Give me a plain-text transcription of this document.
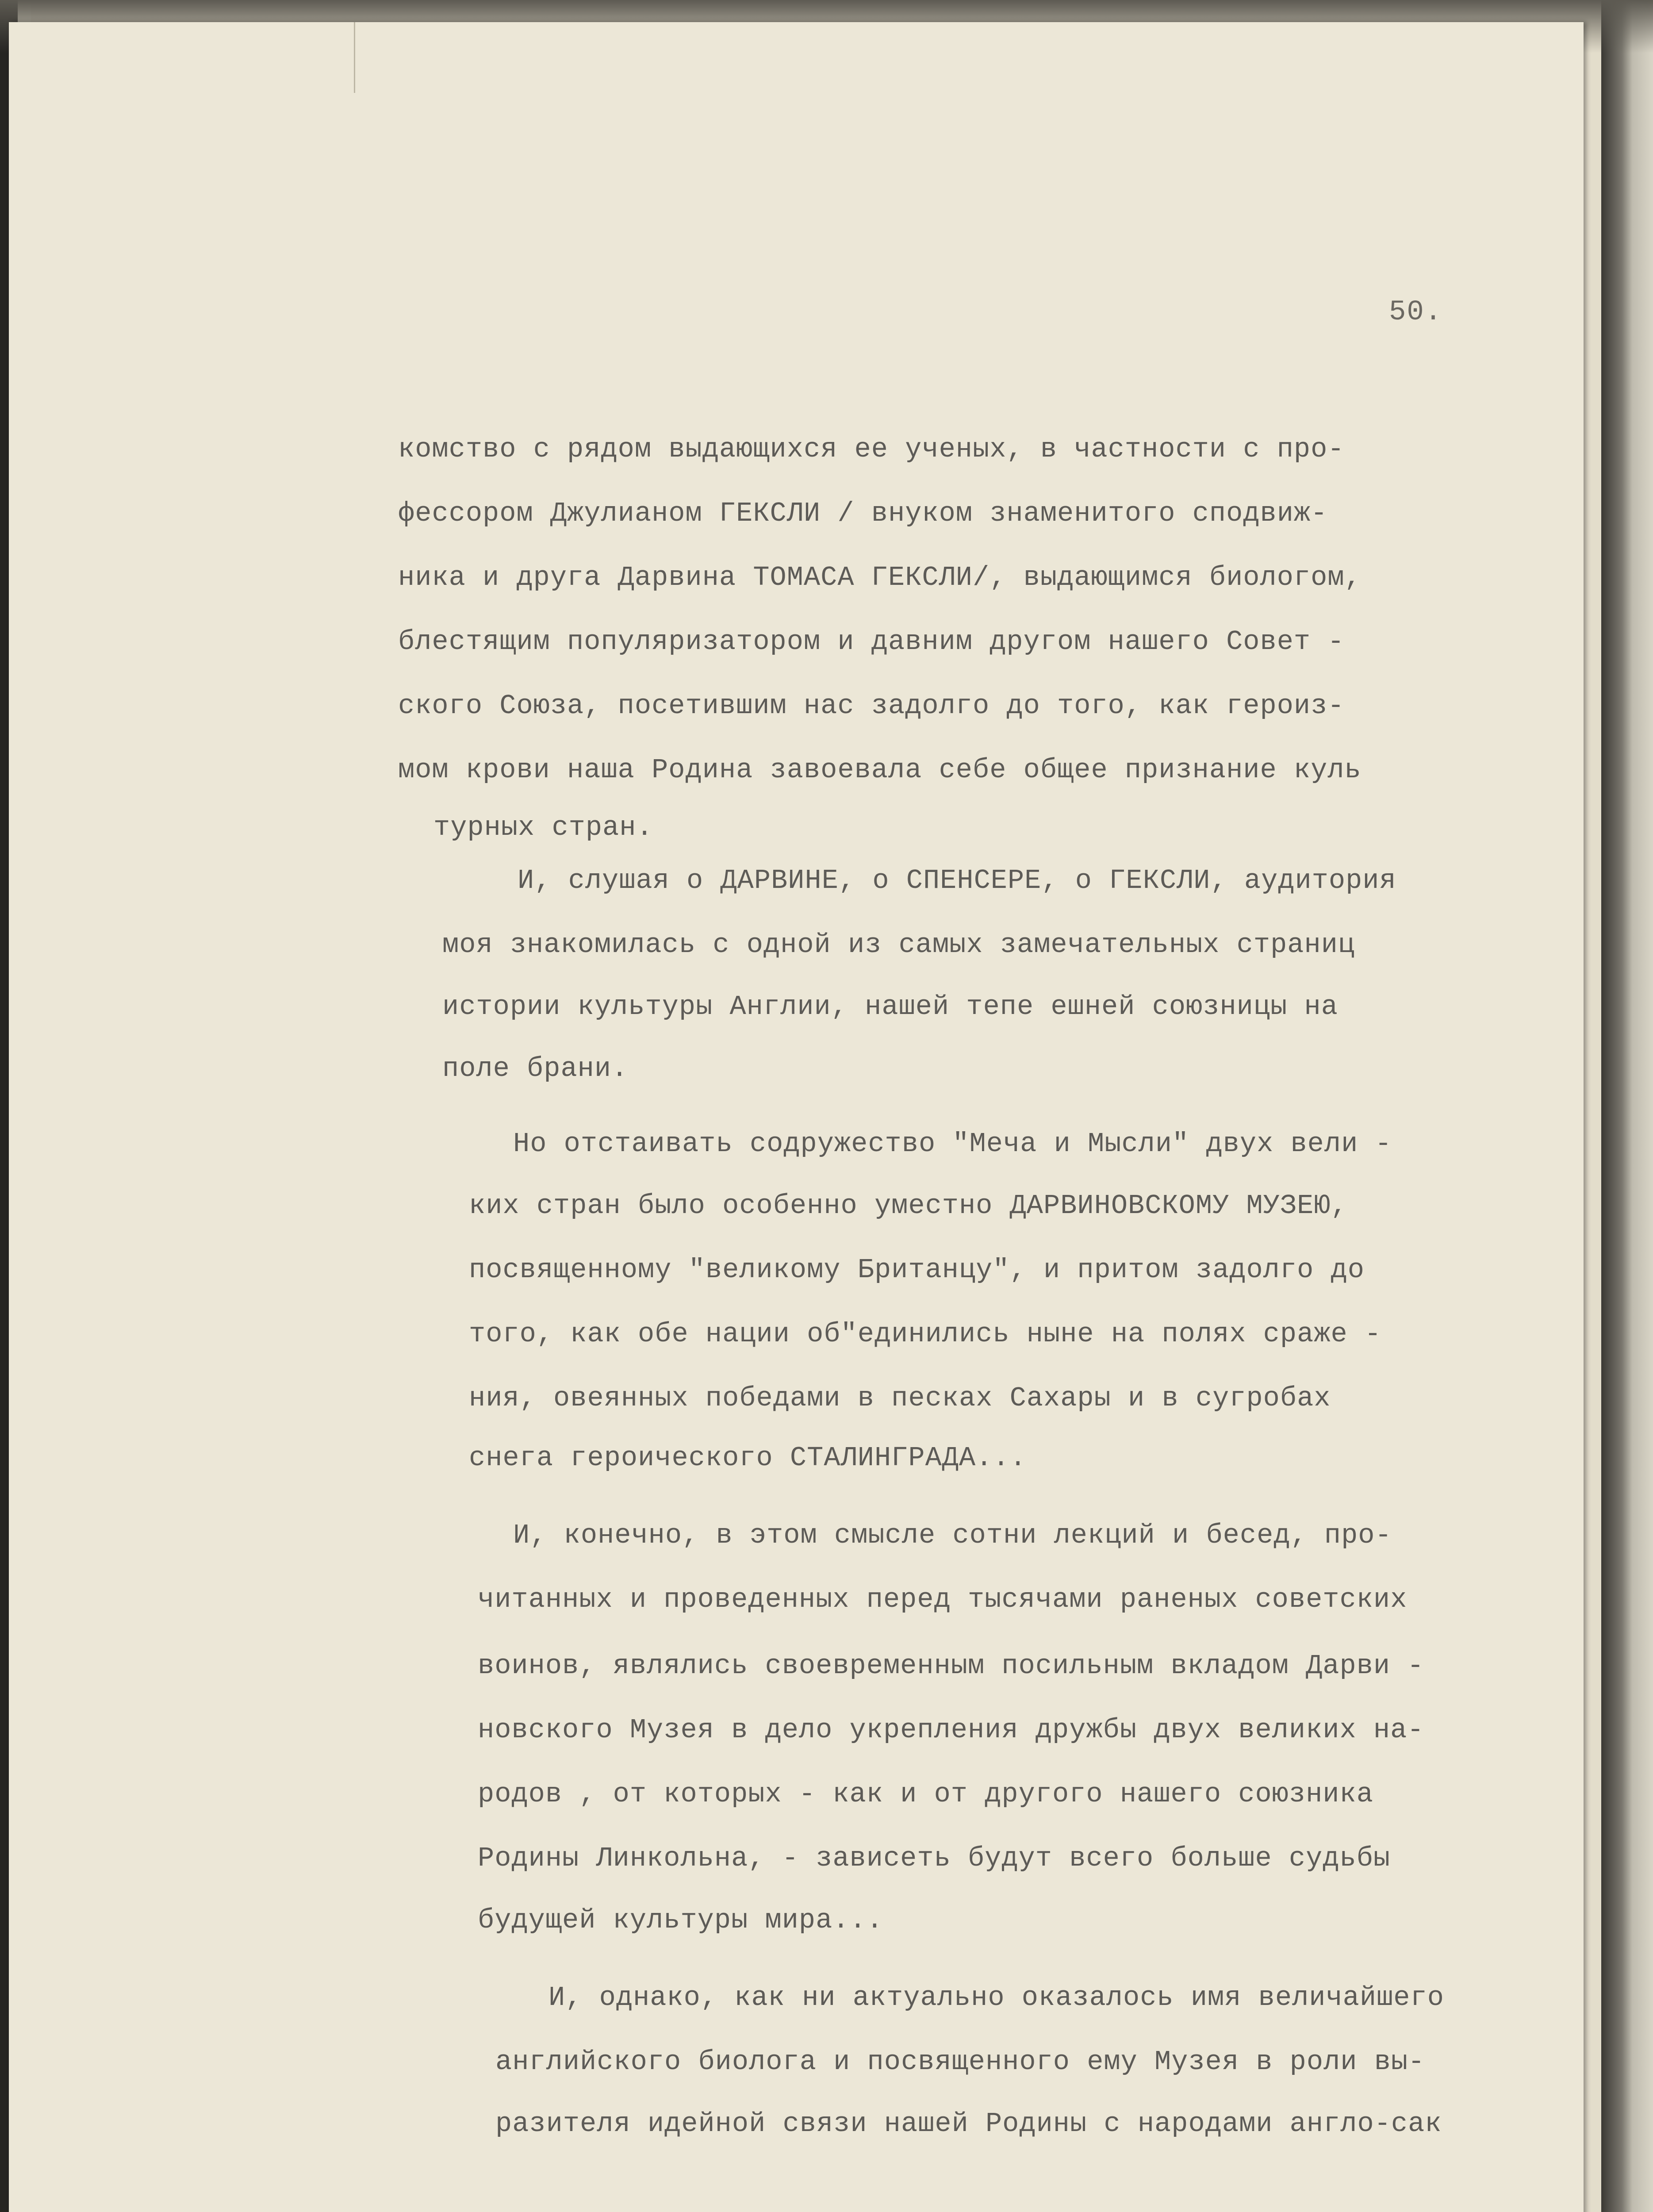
50.
комство с рядом выдающихся ее ученых, в частности с про-
фессором Джулианом ГЕКСЛИ / внуком знаменитого сподвиж-
ника и друга Дарвина ТОМАСА ГЕКСЛИ/, выдающимся биологом,
блестящим популяризатором и давним другом нашего Совет -
ского Союза, посетившим нас задолго до того, как героиз-
мом крови наша Родина завоевала себе общее признание куль
турных стран.
И, слушая о ДАРВИНЕ, о СПЕНСЕРЕ, о ГЕКСЛИ, аудитория
моя знакомилась с одной из самых замечательных страниц
истории культуры Англии, нашей тепе ешней союзницы на
поле брани.
Но отстаивать содружество "Меча и Мысли" двух вели -
ких стран было особенно уместно ДАРВИНОВСКОМУ МУЗЕЮ,
посвященному "великому Британцу", и притом задолго до
того, как обе нации об"единились ныне на полях сраже -
ния, овеянных победами в песках Сахары и в сугробах
снега героического СТАЛИНГРАДА...
И, конечно, в этом смысле сотни лекций и бесед, про-
читанных и проведенных перед тысячами раненых советских
воинов, являлись своевременным посильным вкладом Дарви -
новского Музея в дело укрепления дружбы двух великих на-
родов , от которых - как и от другого нашего союзника
Родины Линкольна, - зависеть будут всего больше судьбы
будущей культуры мира...
И, однако, как ни актуально оказалось имя величайшего
английского биолога и посвященного ему Музея в роли вы-
разителя идейной связи нашей Родины с народами англо-сак
